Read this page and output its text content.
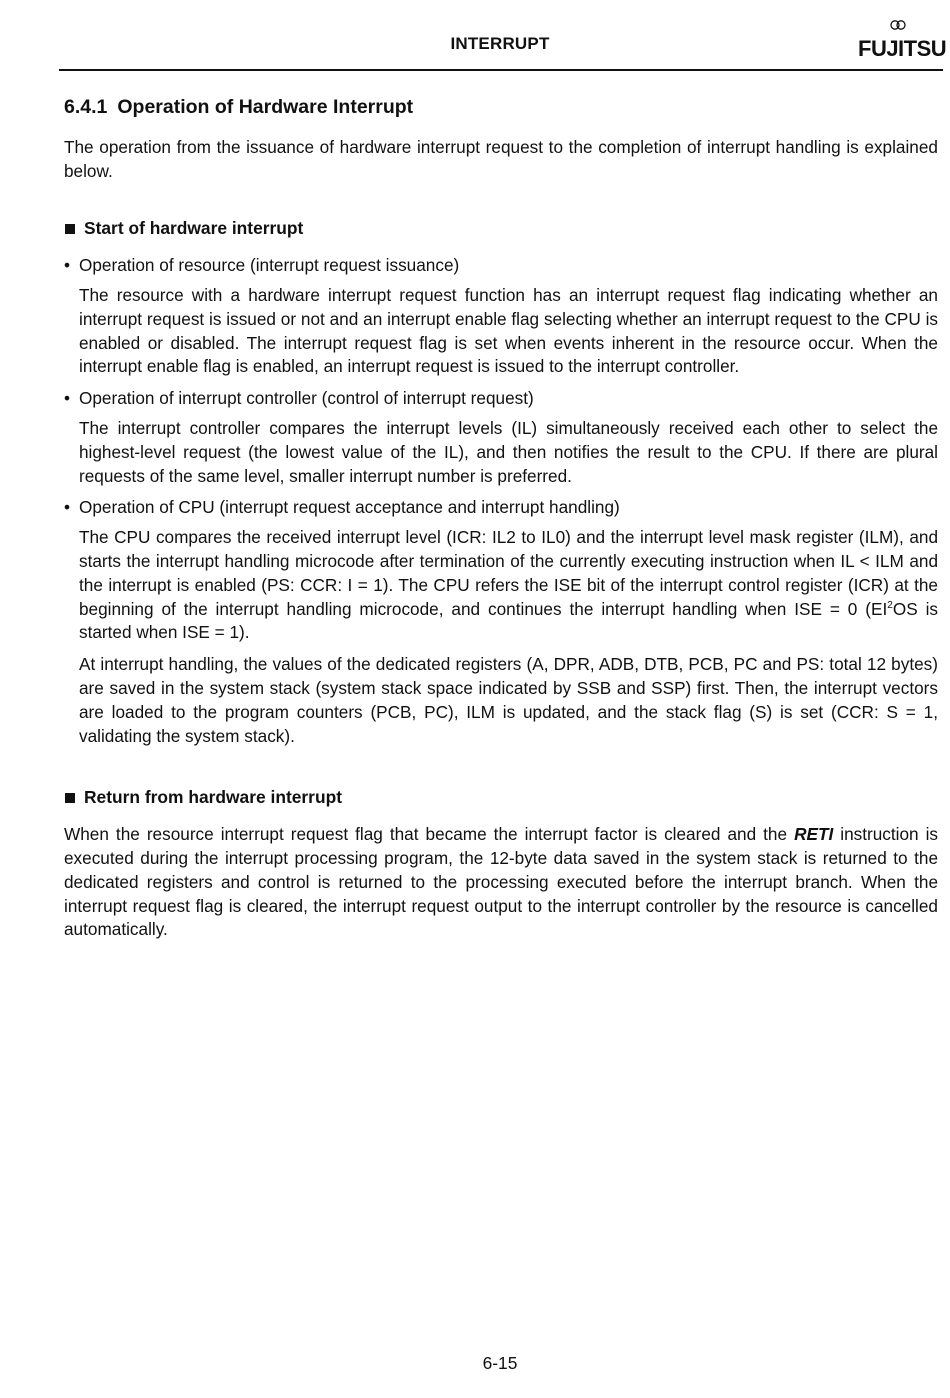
INTERRUPT	FUJITSU
6.4.1 Operation of Hardware Interrupt

The operation from the issuance of hardware interrupt request to the completion of interrupt handling is explained below.

Start of hardware interrupt
• Operation of resource (interrupt request issuance)

The resource with a hardware interrupt request function has an interrupt request flag indicating whether an interrupt request is issued or not and an interrupt enable flag selecting whether an interrupt request to the CPU is enabled or disabled. The interrupt request flag is set when events inherent in the resource occur. When the interrupt enable flag is enabled, an interrupt request is issued to the interrupt controller.

• Operation of interrupt controller (control of interrupt request)

The interrupt controller compares the interrupt levels (IL) simultaneously received each other to select the highest-level request (the lowest value of the IL), and then notifies the result to the CPU. If there are plural requests of the same level, smaller interrupt number is preferred.

• Operation of CPU (interrupt request acceptance and interrupt handling)

The CPU compares the received interrupt level (ICR: IL2 to IL0) and the interrupt level mask register (ILM), and starts the interrupt handling microcode after termination of the currently executing instruction when IL < ILM and the interrupt is enabled (PS: CCR: I = 1). The CPU refers the ISE bit of the interrupt control register (ICR) at the beginning of the interrupt handling microcode, and continues the interrupt handling when ISE = 0 ($EI^2OS$ is started when ISE = 1).

At interrupt handling, the values of the dedicated registers (A, DPR, ADB, DTB, PCB, PC and PS: total 12 bytes) are saved in the system stack (system stack space indicated by SSB and SSP) first. Then, the interrupt vectors are loaded to the program counters (PCB, PC), ILM is updated, and the stack flag (S) is set (CCR: S = 1, validating the system stack).

Return from hardware interrupt

When the resource interrupt request flag that became the interrupt factor is cleared and the RETI instruction is executed during the interrupt processing program, the 12-byte data saved in the system stack is returned to the dedicated registers and control is returned to the processing executed before the interrupt branch. When the interrupt request flag is cleared, the interrupt request output to the interrupt controller by the resource is cancelled automatically.

6-15
